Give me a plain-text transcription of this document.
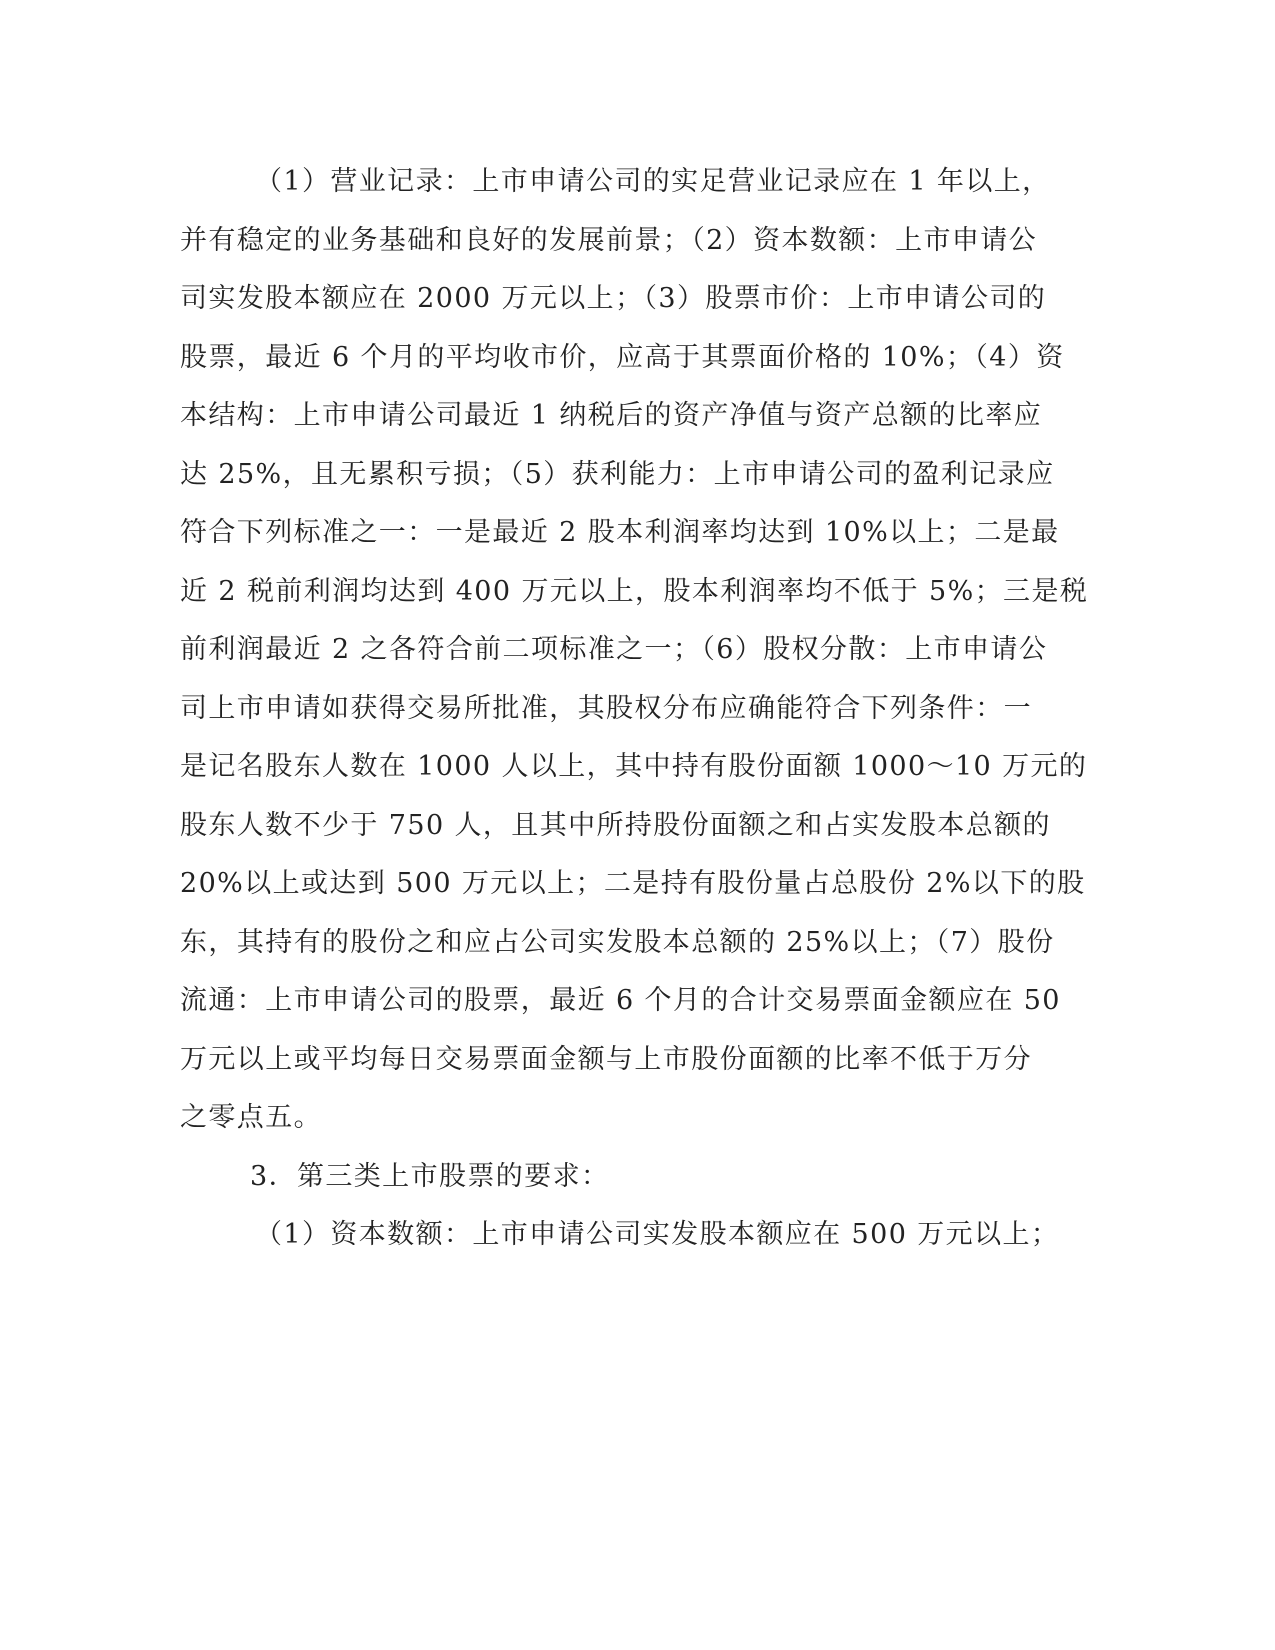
（1）营业记录：上市申请公司的实足营业记录应在 1 年以上，
并有稳定的业务基础和良好的发展前景；（2）资本数额：上市申请公
司实发股本额应在 2000 万元以上；（3）股票市价：上市申请公司的
股票，最近 6 个月的平均收市价，应高于其票面价格的 10%；（4）资
本结构：上市申请公司最近 1 纳税后的资产净值与资产总额的比率应
达 25%，且无累积亏损；（5）获利能力：上市申请公司的盈利记录应
符合下列标准之一：一是最近 2 股本利润率均达到 10%以上；二是最
近 2 税前利润均达到 400 万元以上，股本利润率均不低于 5%；三是税
前利润最近 2 之各符合前二项标准之一；（6）股权分散：上市申请公
司上市申请如获得交易所批准，其股权分布应确能符合下列条件：一
是记名股东人数在 1000 人以上，其中持有股份面额 1000～10 万元的
股东人数不少于 750 人，且其中所持股份面额之和占实发股本总额的
20%以上或达到 500 万元以上；二是持有股份量占总股份 2%以下的股
东，其持有的股份之和应占公司实发股本总额的 25%以上；（7）股份
流通：上市申请公司的股票，最近 6 个月的合计交易票面金额应在 50
万元以上或平均每日交易票面金额与上市股份面额的比率不低于万分
之零点五。
3．第三类上市股票的要求：
（1）资本数额：上市申请公司实发股本额应在 500 万元以上；
